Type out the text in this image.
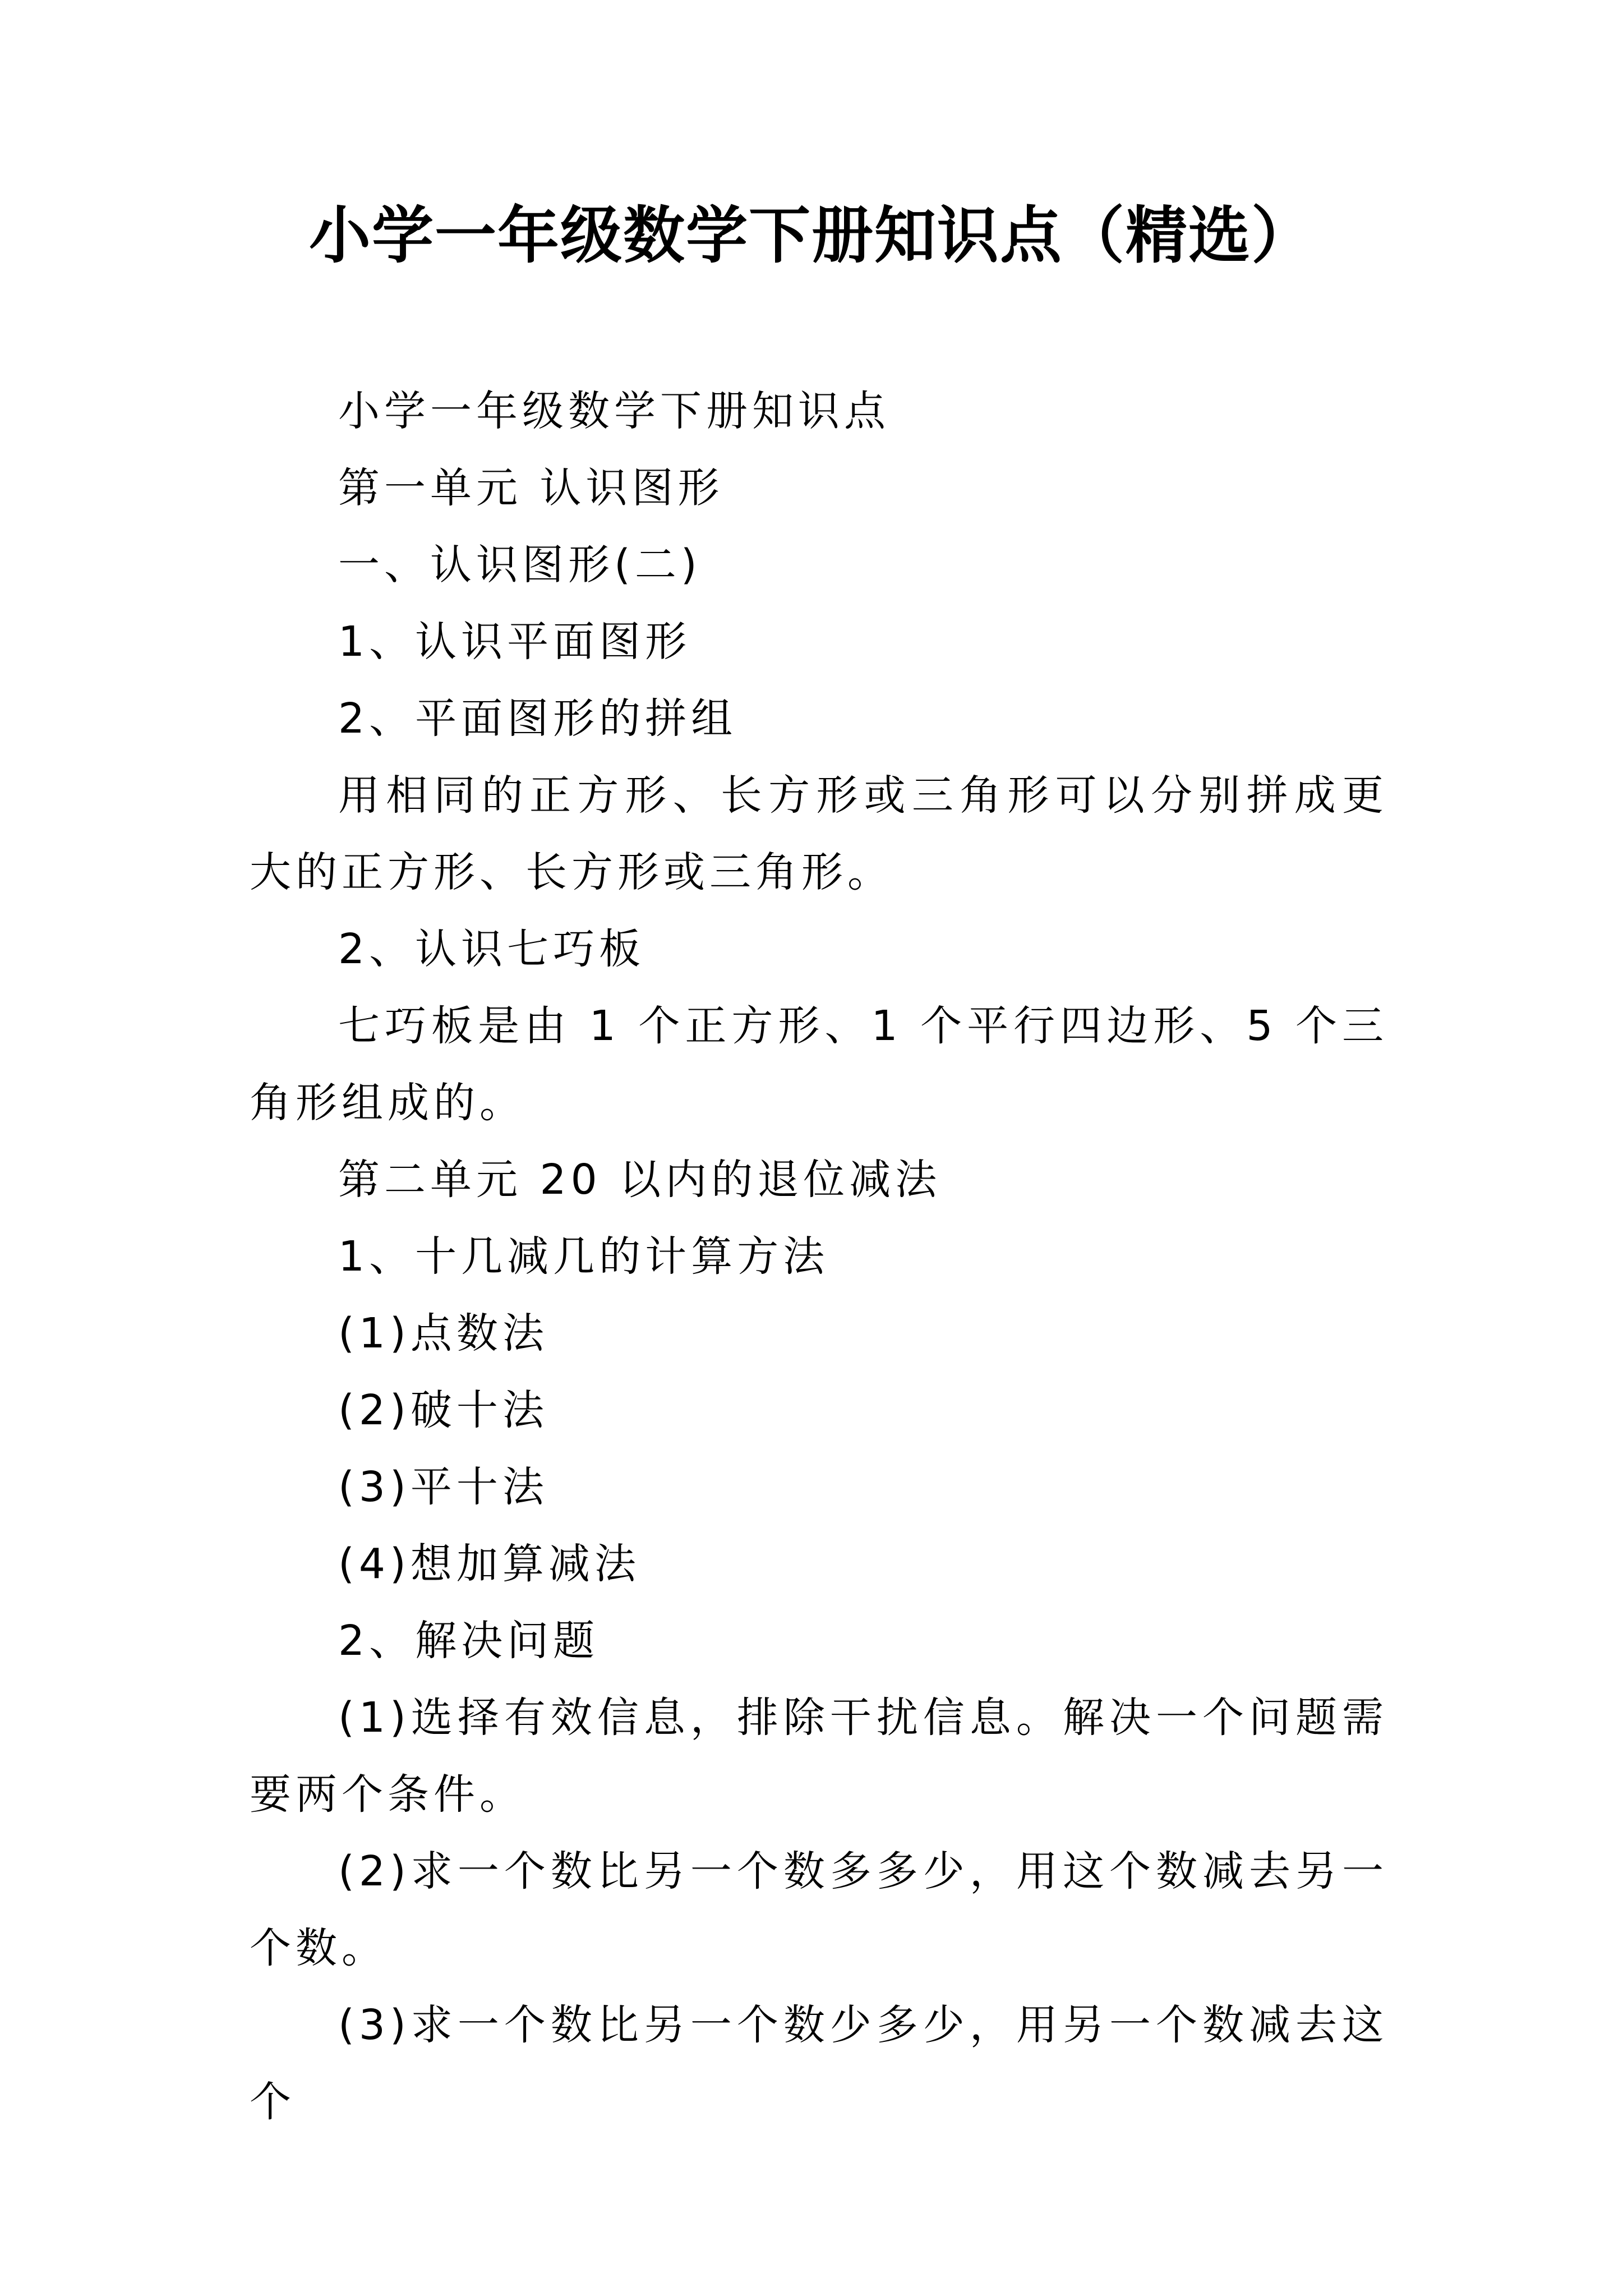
小学一年级数学下册知识点（精选）

小学一年级数学下册知识点

第一单元 认识图形

一、认识图形(二)

1、认识平面图形

2、平面图形的拼组

用相同的正方形、长方形或三角形可以分别拼成更大的正方形、长方形或三角形。

2、认识七巧板

七巧板是由 1 个正方形、1 个平行四边形、5 个三角形组成的。

第二单元 20 以内的退位减法

1、十几减几的计算方法

(1)点数法

(2)破十法

(3)平十法

(4)想加算减法

2、解决问题

(1)选择有效信息，排除干扰信息。解决一个问题需要两个条件。

(2)求一个数比另一个数多多少，用这个数减去另一个数。

(3)求一个数比另一个数少多少，用另一个数减去这个
